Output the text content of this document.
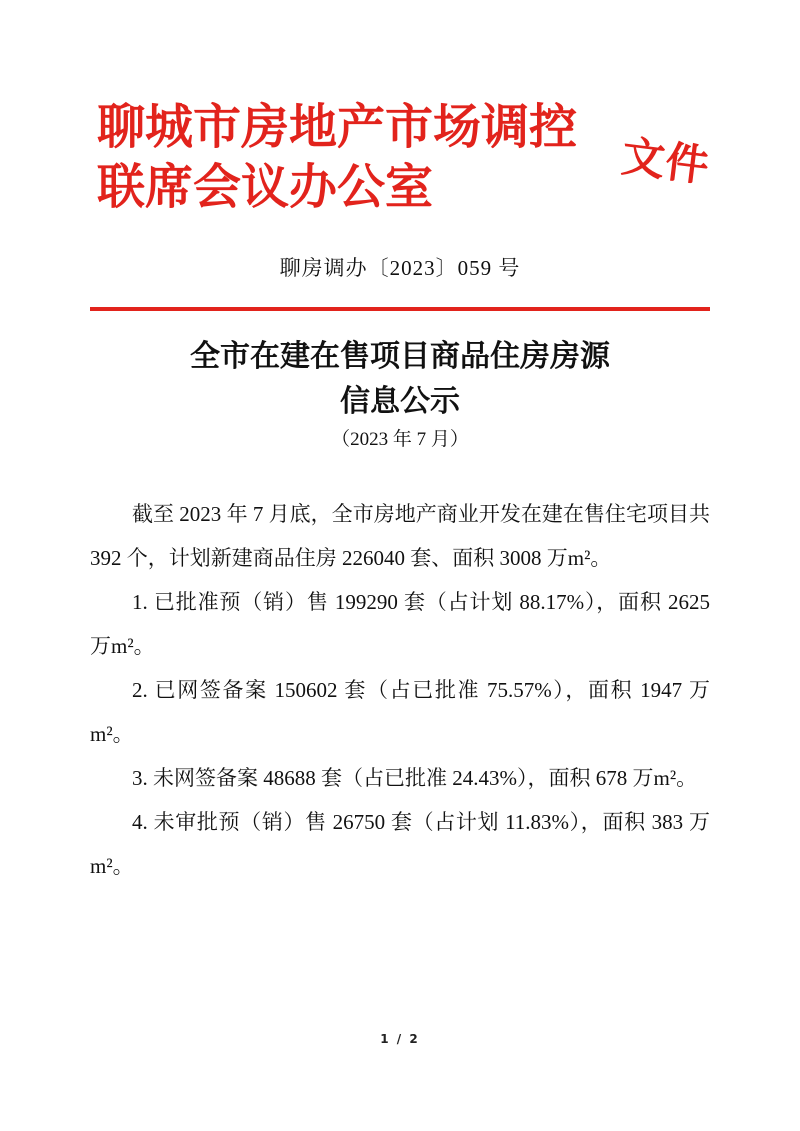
聊城市房地产市场调控
联席会议办公室	文件
聊房调办〔2023〕059 号
全市在建在售项目商品住房房源
信息公示
（2023 年 7 月）

截至 2023 年 7 月底，全市房地产商业开发在建在售住宅项目共 392 个，计划新建商品住房 226040 套、面积 3008 万m²。

1. 已批准预（销）售 199290 套（占计划 88.17%），面积 2625 万m²。

2. 已网签备案 150602 套（占已批准 75.57%），面积 1947 万m²。

3. 未网签备案 48688 套（占已批准 24.43%），面积 678 万m²。

4. 未审批预（销）售 26750 套（占计划 11.83%），面积 383 万m²。

1 / 2
